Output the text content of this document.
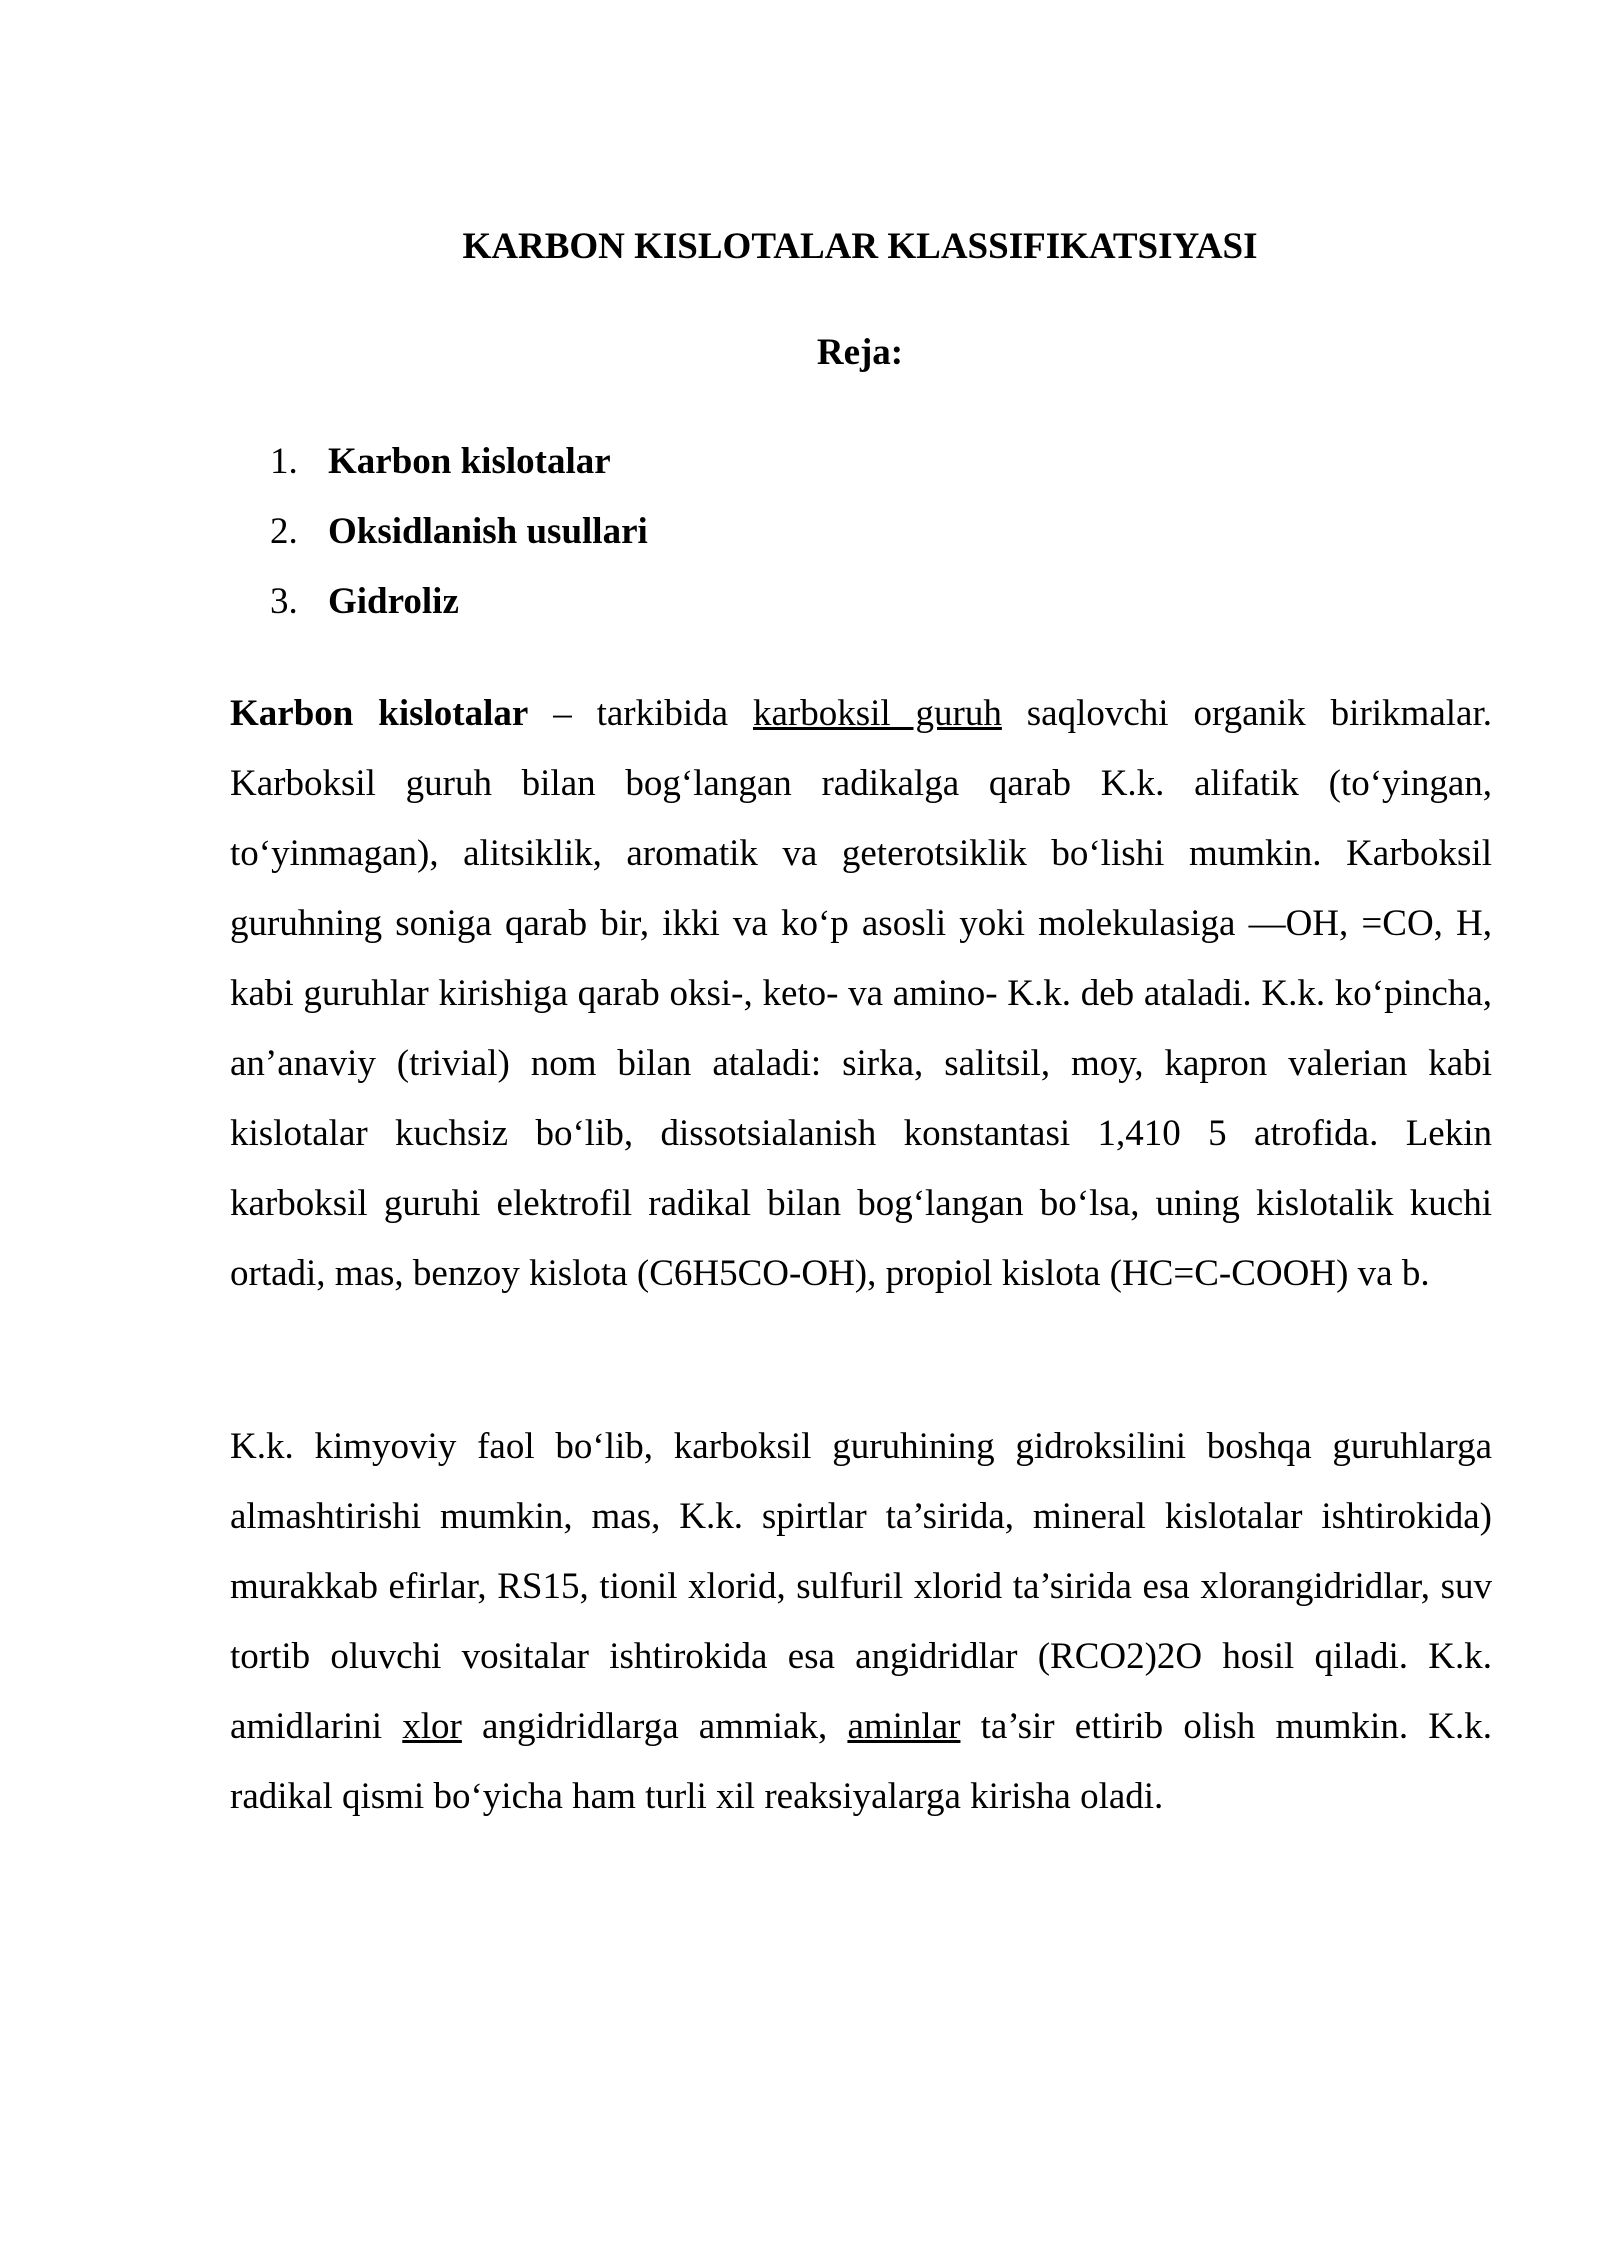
KARBON KISLOTALAR KLASSIFIKATSIYASI
Reja:
1. Karbon kislotalar
2. Oksidlanish usullari
3. Gidroliz

Karbon kislotalar – tarkibida karboksil guruh saqlovchi organik birikmalar. Karboksil guruh bilan bog‘langan radikalga qarab K.k. alifatik (to‘yingan, to‘yinmagan), alitsiklik, aromatik va geterotsiklik bo‘lishi mumkin. Karboksil guruhning soniga qarab bir, ikki va ko‘p asosli yoki molekulasiga —OH, =CO, H, kabi guruhlar kirishiga qarab oksi-, keto- va amino- K.k. deb ataladi. K.k. ko‘pincha, an’anaviy (trivial) nom bilan ataladi: sirka, salitsil, moy, kapron valerian kabi kislotalar kuchsiz bo‘lib, dissotsialanish konstantasi 1,410 5 atrofida. Lekin karboksil guruhi elektrofil radikal bilan bog‘langan bo‘lsa, uning kislotalik kuchi ortadi, mas, benzoy kislota (C6H5CO-OH), propiol kislota (HC=C-COOH) va b.

K.k. kimyoviy faol bo‘lib, karboksil guruhining gidroksilini boshqa guruhlarga almashtirishi mumkin, mas, K.k. spirtlar ta’sirida, mineral kislotalar ishtirokida) murakkab efirlar, RS15, tionil xlorid, sulfuril xlorid ta’sirida esa xlorangidridlar, suv tortib oluvchi vositalar ishtirokida esa angidridlar (RCO2)2O hosil qiladi. K.k. amidlarini xlor angidridlarga ammiak, aminlar ta’sir ettirib olish mumkin. K.k. radikal qismi bo‘yicha ham turli xil reaksiyalarga kirisha oladi.
